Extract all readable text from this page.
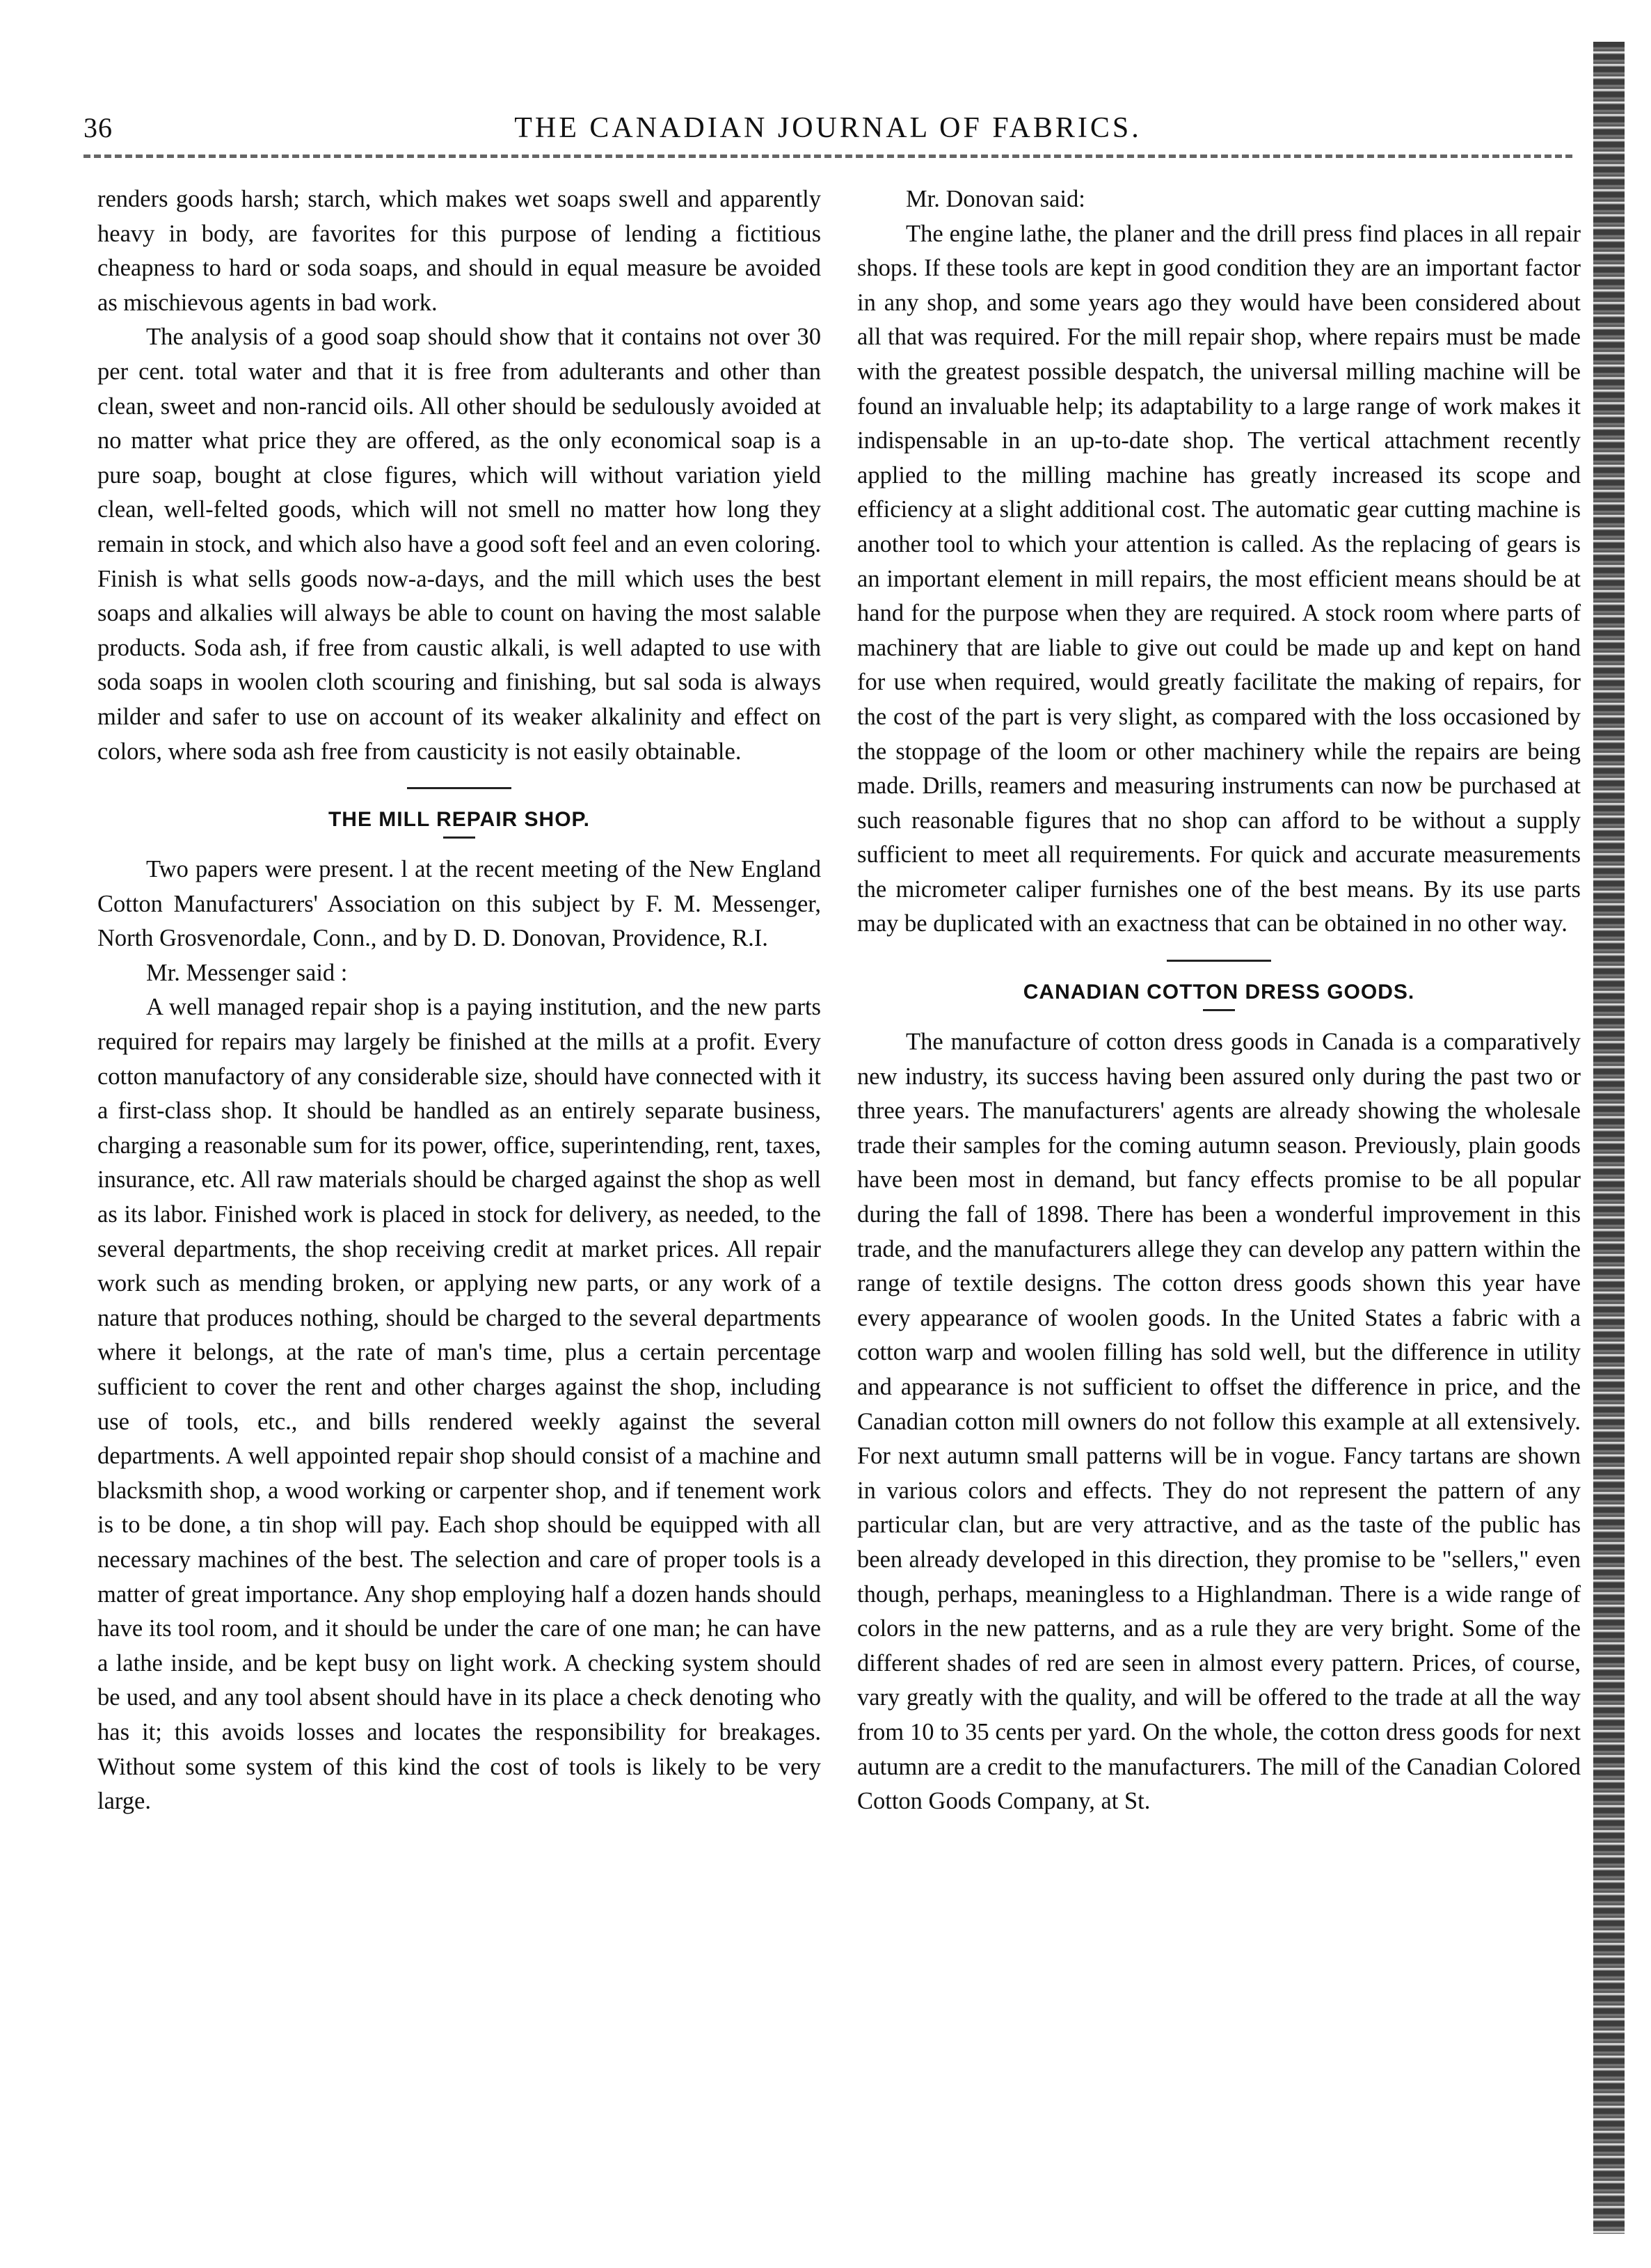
36	THE CANADIAN JOURNAL OF FABRICS.

renders goods harsh; starch, which makes wet soaps swell and apparently heavy in body, are favorites for this purpose of lending a fictitious cheapness to hard or soda soaps, and should in equal measure be avoided as mischievous agents in bad work.

The analysis of a good soap should show that it contains not over 30 per cent. total water and that it is free from adulterants and other than clean, sweet and non-rancid oils. All other should be sedulously avoided at no matter what price they are offered, as the only economical soap is a pure soap, bought at close figures, which will without variation yield clean, well-felted goods, which will not smell no matter how long they remain in stock, and which also have a good soft feel and an even coloring. Finish is what sells goods now-a-days, and the mill which uses the best soaps and alkalies will always be able to count on having the most salable products. Soda ash, if free from caustic alkali, is well adapted to use with soda soaps in woolen cloth scouring and finishing, but sal soda is always milder and safer to use on account of its weaker alkalinity and effect on colors, where soda ash free from causticity is not easily obtainable.

THE MILL REPAIR SHOP.

Two papers were present. l at the recent meeting of the New England Cotton Manufacturers' Association on this subject by F. M. Messenger, North Grosvenordale, Conn., and by D. D. Donovan, Providence, R.I.

Mr. Messenger said :

A well managed repair shop is a paying institution, and the new parts required for repairs may largely be finished at the mills at a profit. Every cotton manufactory of any considerable size, should have connected with it a first-class shop. It should be handled as an entirely separate business, charging a reasonable sum for its power, office, superintending, rent, taxes, insurance, etc. All raw materials should be charged against the shop as well as its labor. Finished work is placed in stock for delivery, as needed, to the several departments, the shop receiving credit at market prices. All repair work such as mending broken, or applying new parts, or any work of a nature that produces nothing, should be charged to the several departments where it belongs, at the rate of man's time, plus a certain percentage sufficient to cover the rent and other charges against the shop, including use of tools, etc., and bills rendered weekly against the several departments. A well appointed repair shop should consist of a machine and blacksmith shop, a wood working or carpenter shop, and if tenement work is to be done, a tin shop will pay. Each shop should be equipped with all necessary machines of the best. The selection and care of proper tools is a matter of great importance. Any shop employing half a dozen hands should have its tool room, and it should be under the care of one man; he can have a lathe inside, and be kept busy on light work. A checking system should be used, and any tool absent should have in its place a check denoting who has it; this avoids losses and locates the responsibility for breakages. Without some system of this kind the cost of tools is likely to be very large.

Mr. Donovan said:

The engine lathe, the planer and the drill press find places in all repair shops. If these tools are kept in good condition they are an important factor in any shop, and some years ago they would have been considered about all that was required. For the mill repair shop, where repairs must be made with the greatest possible despatch, the universal milling machine will be found an invaluable help; its adaptability to a large range of work makes it indispensable in an up-to-date shop. The vertical attachment recently applied to the milling machine has greatly increased its scope and efficiency at a slight additional cost. The automatic gear cutting machine is another tool to which your attention is called. As the replacing of gears is an important element in mill repairs, the most efficient means should be at hand for the purpose when they are required. A stock room where parts of machinery that are liable to give out could be made up and kept on hand for use when required, would greatly facilitate the making of repairs, for the cost of the part is very slight, as compared with the loss occasioned by the stoppage of the loom or other machinery while the repairs are being made. Drills, reamers and measuring instruments can now be purchased at such reasonable figures that no shop can afford to be without a supply sufficient to meet all requirements. For quick and accurate measurements the micrometer caliper furnishes one of the best means. By its use parts may be duplicated with an exactness that can be obtained in no other way.

CANADIAN COTTON DRESS GOODS.

The manufacture of cotton dress goods in Canada is a comparatively new industry, its success having been assured only during the past two or three years. The manufacturers' agents are already showing the wholesale trade their samples for the coming autumn season. Previously, plain goods have been most in demand, but fancy effects promise to be all popular during the fall of 1898. There has been a wonderful improvement in this trade, and the manufacturers allege they can develop any pattern within the range of textile designs. The cotton dress goods shown this year have every appearance of woolen goods. In the United States a fabric with a cotton warp and woolen filling has sold well, but the difference in utility and appearance is not sufficient to offset the difference in price, and the Canadian cotton mill owners do not follow this example at all extensively. For next autumn small patterns will be in vogue. Fancy tartans are shown in various colors and effects. They do not represent the pattern of any particular clan, but are very attractive, and as the taste of the public has been already developed in this direction, they promise to be "sellers," even though, perhaps, meaningless to a Highlandman. There is a wide range of colors in the new patterns, and as a rule they are very bright. Some of the different shades of red are seen in almost every pattern. Prices, of course, vary greatly with the quality, and will be offered to the trade at all the way from 10 to 35 cents per yard. On the whole, the cotton dress goods for next autumn are a credit to the manufacturers. The mill of the Canadian Colored Cotton Goods Company, at St.
